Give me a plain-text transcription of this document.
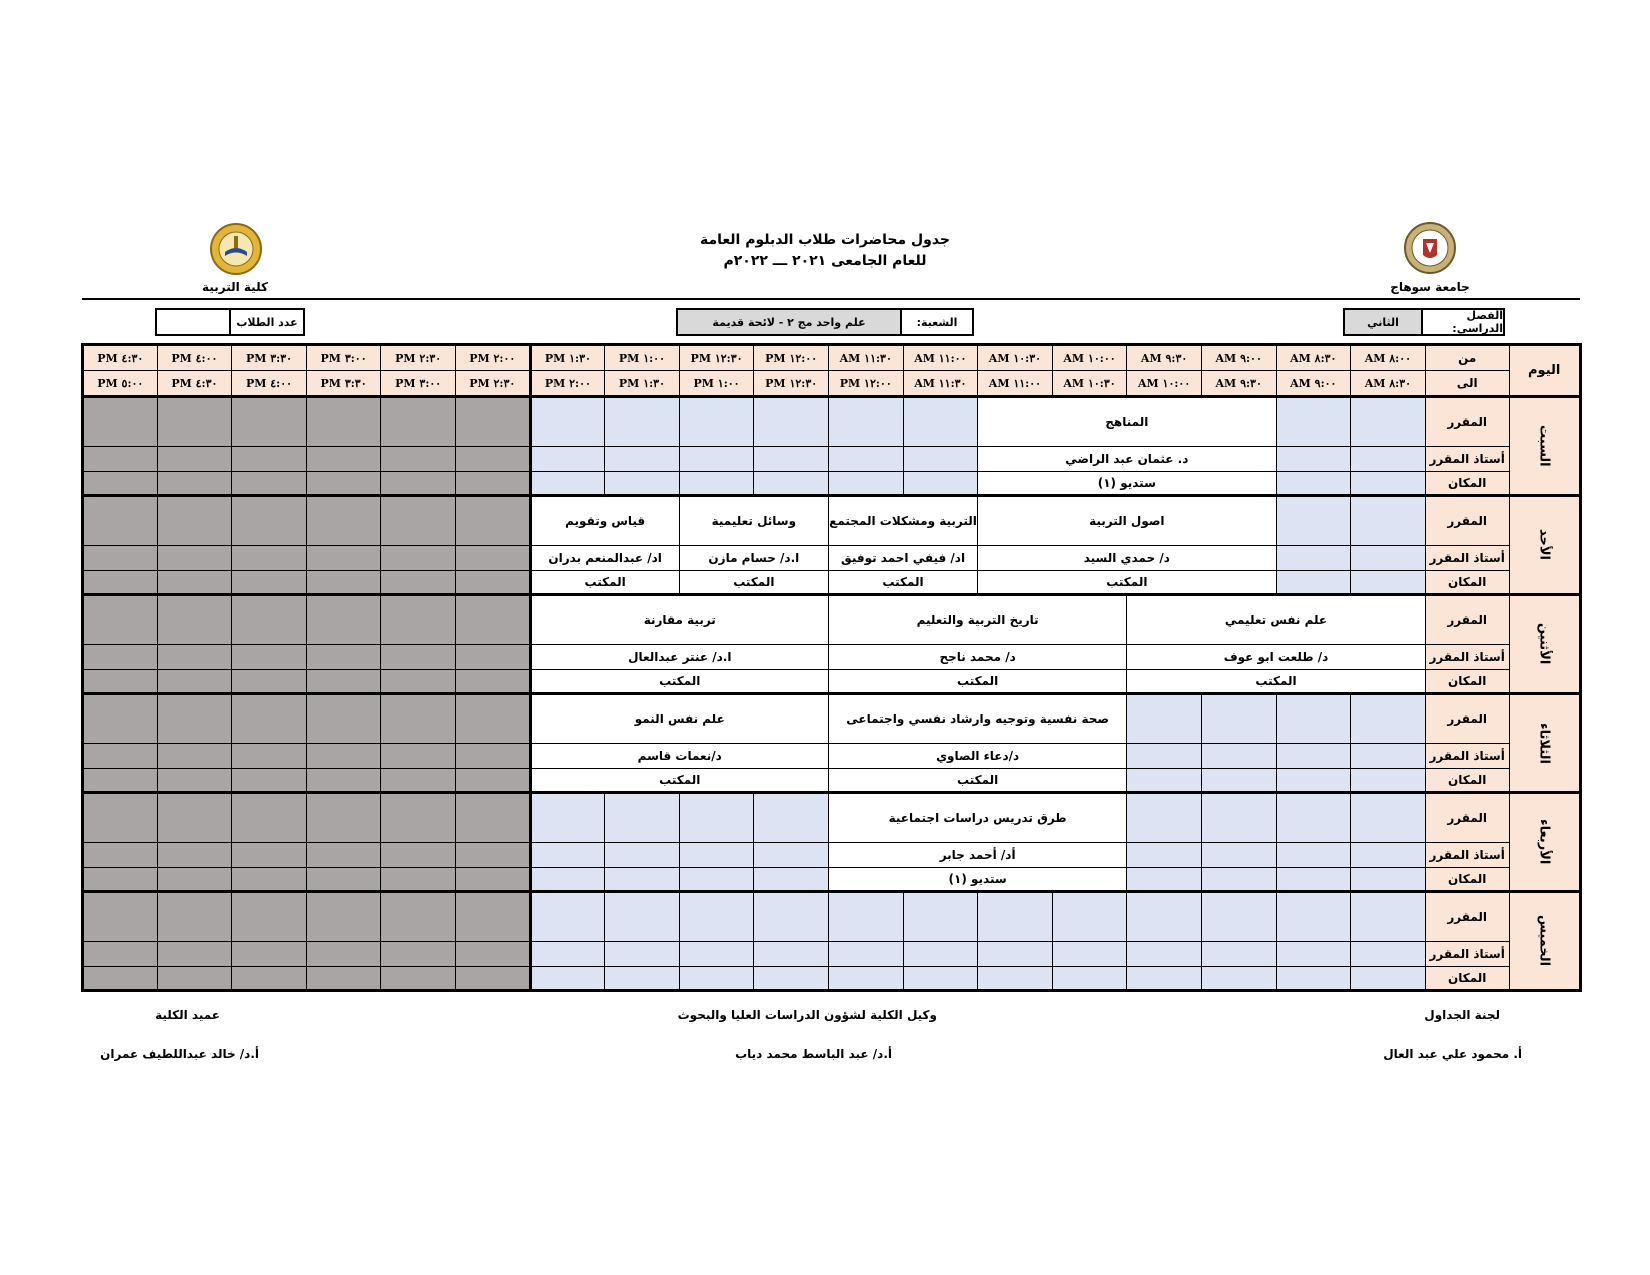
جامعة سوهاج
كلية التربية
جدول محاضرات طلاب الدبلوم العامة
للعام الجامعى ٢٠٢١ ـــ ٢٠٢٢م
الفصل الدراسي:
الثاني
الشعبة:
علم واحد مج ٢ - لائحة قديمة
عدد الطلاب
اليوم	من	٨:٠٠ AM	٨:٣٠ AM	٩:٠٠ AM	٩:٣٠ AM	١٠:٠٠ AM	١٠:٣٠ AM	١١:٠٠ AM	١١:٣٠ AM	١٢:٠٠ PM	١٢:٣٠ PM	١:٠٠ PM	١:٣٠ PM	٢:٠٠ PM	٢:٣٠ PM	٣:٠٠ PM	٣:٣٠ PM	٤:٠٠ PM	٤:٣٠ PM
	الى	٨:٣٠ AM	٩:٠٠ AM	٩:٣٠ AM	١٠:٠٠ AM	١٠:٣٠ AM	١١:٠٠ AM	١١:٣٠ AM	١٢:٠٠ PM	١٢:٣٠ PM	١:٠٠ PM	١:٣٠ PM	٢:٠٠ PM	٢:٣٠ PM	٣:٠٠ PM	٣:٣٠ PM	٤:٠٠ PM	٤:٣٠ PM	٥:٠٠ PM
السبت	المقرر			المناهج															
	أستاذ المقرر			د. عثمان عبد الراضي															
	المكان			ستديو (١)															
الأحد	المقرر			اصول التربية				التربية ومشكلات المجتمع		وسائل تعليمية		قياس وتقويم							
	أستاذ المقرر			د/ حمدي السيد				اد/ فيفي احمد توفيق		ا.د/ حسام مازن		اد/ عبدالمنعم بدران							
	المكان			المكتب				المكتب		المكتب		المكتب							
الأثنين	المقرر	علم نفس تعليمي				تاريخ التربية والتعليم				تربية مقارنة									
	أستاذ المقرر	د/ طلعت ابو عوف				د/ محمد ناجح				ا.د/ عنتر عبدالعال									
	المكان	المكتب				المكتب				المكتب									
الثلاثاء	المقرر					صحة نفسية وتوجيه وارشاد نفسي واجتماعى				علم نفس النمو									
	أستاذ المقرر					د/دعاء الصاوي				د/نعمات قاسم									
	المكان					المكتب				المكتب									
الأربعاء	المقرر					طرق تدريس دراسات اجتماعية													
	أستاذ المقرر					أد/ أحمد جابر													
	المكان					ستديو (١)													
الخميس	المقرر																		
	أستاذ المقرر																		
	المكان																		
لجنة الجداول
أ. محمود علي عبد العال
وكيل الكلية لشؤون الدراسات العليا والبحوث
أ.د/ عبد الباسط محمد دياب
عميد الكلية
أ.د/ خالد عبداللطيف عمران
